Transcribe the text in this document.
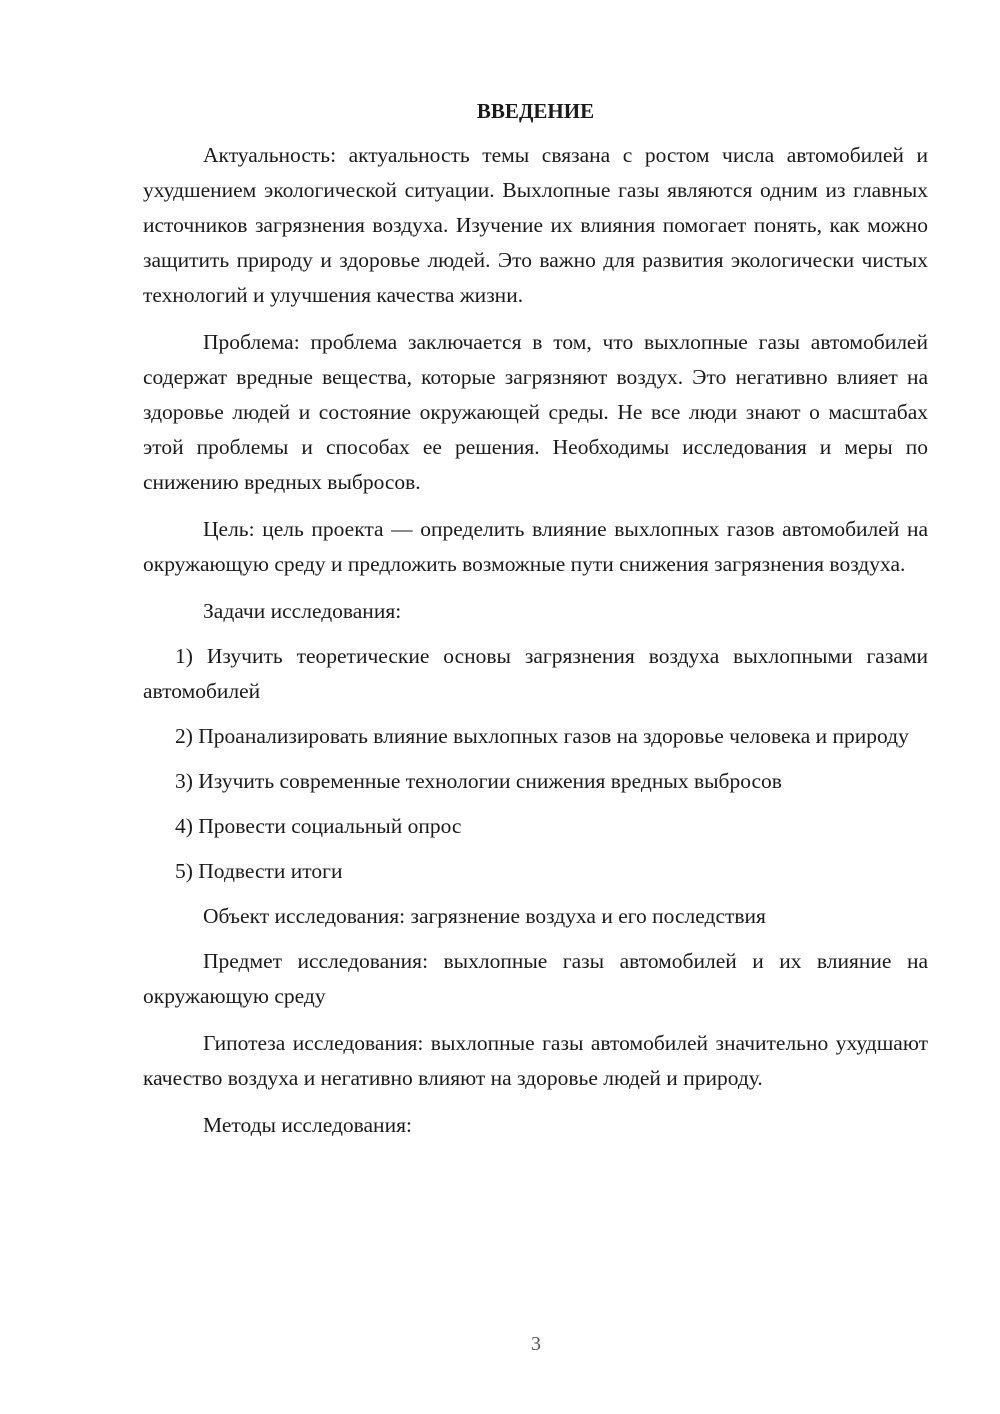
ВВЕДЕНИЕ

Актуальность: актуальность темы связана с ростом числа автомобилей и ухудшением экологической ситуации. Выхлопные газы являются одним из главных источников загрязнения воздуха. Изучение их влияния помогает понять, как можно защитить природу и здоровье людей. Это важно для развития экологически чистых технологий и улучшения качества жизни.

Проблема: проблема заключается в том, что выхлопные газы автомобилей содержат вредные вещества, которые загрязняют воздух. Это негативно влияет на здоровье людей и состояние окружающей среды. Не все люди знают о масштабах этой проблемы и способах ее решения. Необходимы исследования и меры по снижению вредных выбросов.

Цель: цель проекта — определить влияние выхлопных газов автомобилей на окружающую среду и предложить возможные пути снижения загрязнения воздуха.

Задачи исследования:

1) Изучить теоретические основы загрязнения воздуха выхлопными газами автомобилей

2) Проанализировать влияние выхлопных газов на здоровье человека и природу

3) Изучить современные технологии снижения вредных выбросов

4) Провести социальный опрос

5) Подвести итоги

Объект исследования: загрязнение воздуха и его последствия

Предмет исследования: выхлопные газы автомобилей и их влияние на окружающую среду

Гипотеза исследования: выхлопные газы автомобилей значительно ухудшают качество воздуха и негативно влияют на здоровье людей и природу.

Методы исследования:

3
